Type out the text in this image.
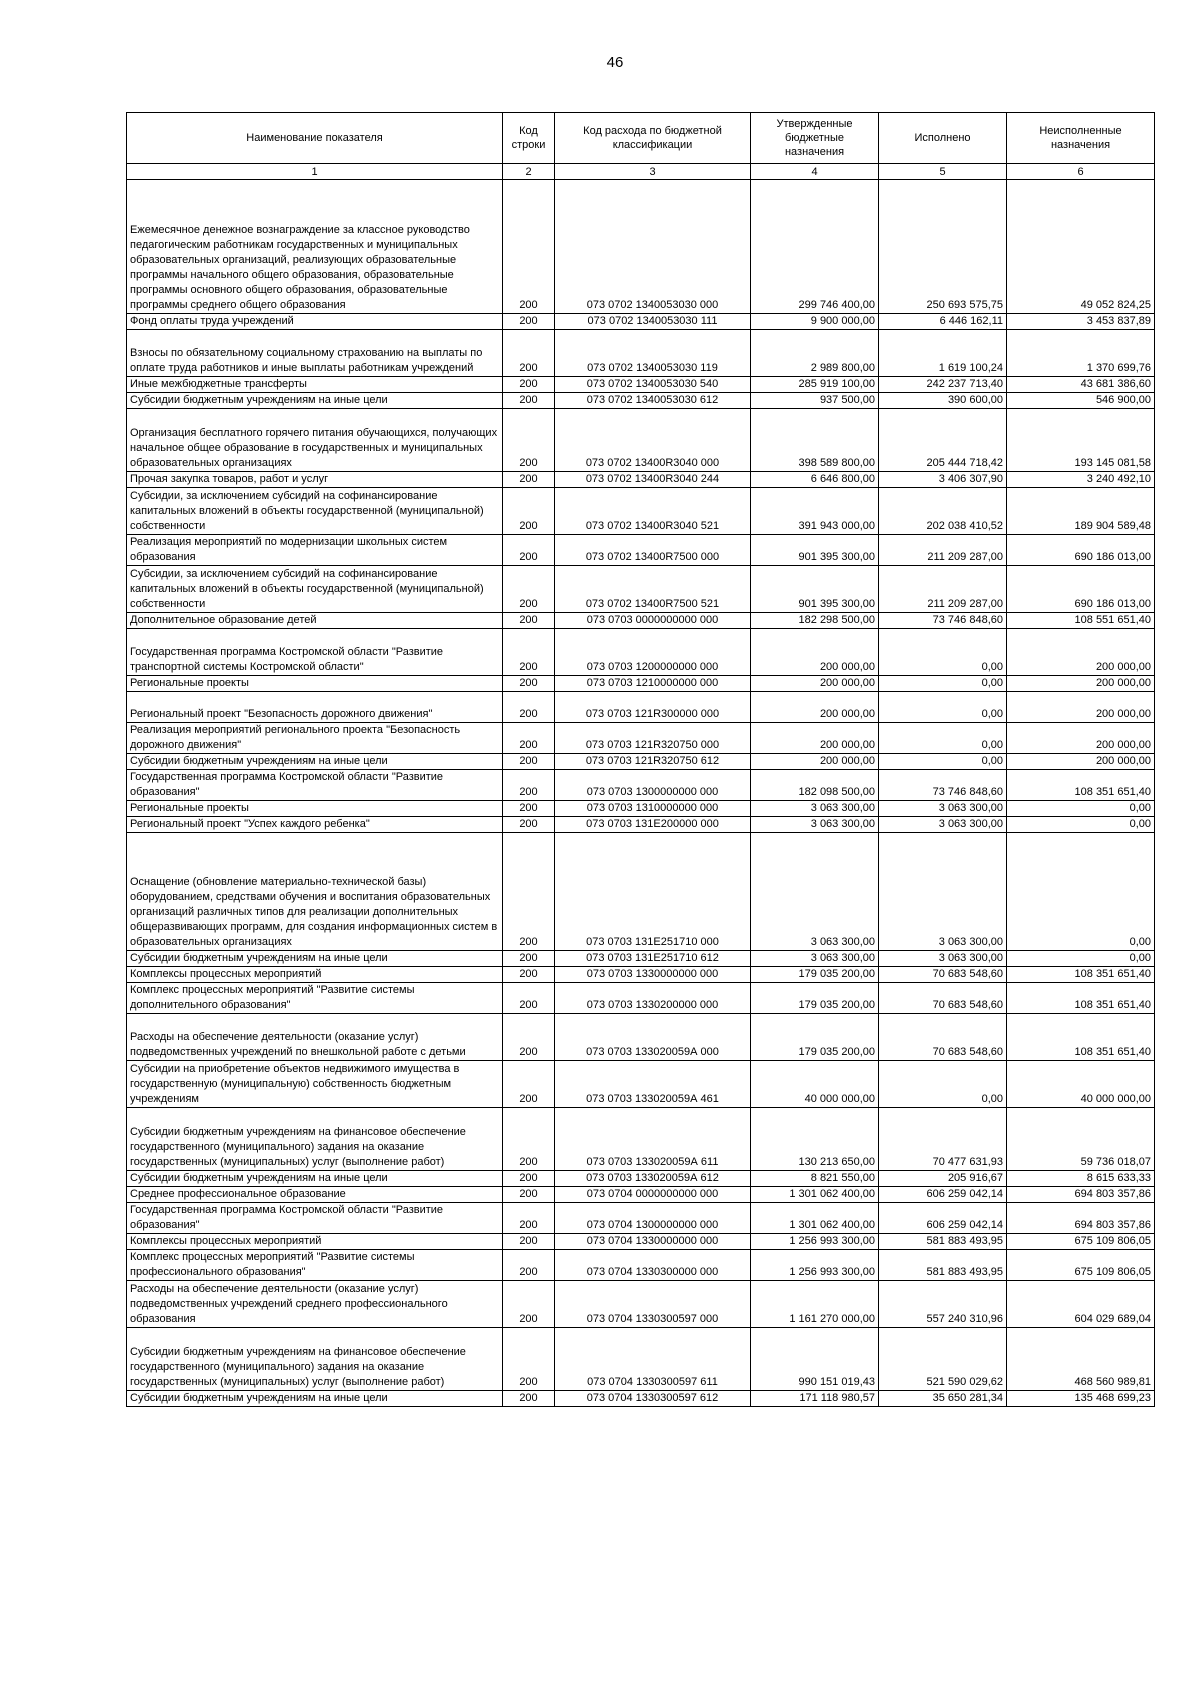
46
Наименование показателя	Код строки	Код расхода по бюджетной классификации	Утвержденные бюджетные назначения	Исполнено	Неисполненные назначения
1	2	3	4	5	6
Ежемесячное денежное вознаграждение за классное руководство педагогическим работникам государственных и муниципальных образовательных организаций, реализующих образовательные программы начального общего образования, образовательные программы основного общего образования, образовательные программы среднего общего образования	200	073 0702 1340053030 000	299 746 400,00	250 693 575,75	49 052 824,25
Фонд оплаты труда учреждений	200	073 0702 1340053030 111	9 900 000,00	6 446 162,11	3 453 837,89
Взносы по обязательному социальному страхованию на выплаты по оплате труда работников и иные выплаты работникам учреждений	200	073 0702 1340053030 119	2 989 800,00	1 619 100,24	1 370 699,76
Иные межбюджетные трансферты	200	073 0702 1340053030 540	285 919 100,00	242 237 713,40	43 681 386,60
Субсидии бюджетным учреждениям на иные цели	200	073 0702 1340053030 612	937 500,00	390 600,00	546 900,00
Организация бесплатного горячего питания обучающихся, получающих начальное общее образование в государственных и муниципальных образовательных организациях	200	073 0702 13400R3040 000	398 589 800,00	205 444 718,42	193 145 081,58
Прочая закупка товаров, работ и услуг	200	073 0702 13400R3040 244	6 646 800,00	3 406 307,90	3 240 492,10
Субсидии, за исключением субсидий на софинансирование капитальных вложений в объекты государственной (муниципальной) собственности	200	073 0702 13400R3040 521	391 943 000,00	202 038 410,52	189 904 589,48
Реализация мероприятий по модернизации школьных систем образования	200	073 0702 13400R7500 000	901 395 300,00	211 209 287,00	690 186 013,00
Субсидии, за исключением субсидий на софинансирование капитальных вложений в объекты государственной (муниципальной) собственности	200	073 0702 13400R7500 521	901 395 300,00	211 209 287,00	690 186 013,00
Дополнительное образование детей	200	073 0703 0000000000 000	182 298 500,00	73 746 848,60	108 551 651,40
Государственная программа Костромской области "Развитие транспортной системы Костромской области"	200	073 0703 1200000000 000	200 000,00	0,00	200 000,00
Региональные проекты	200	073 0703 1210000000 000	200 000,00	0,00	200 000,00
Региональный проект "Безопасность дорожного движения"	200	073 0703 121R300000 000	200 000,00	0,00	200 000,00
Реализация мероприятий регионального проекта "Безопасность дорожного движения"	200	073 0703 121R320750 000	200 000,00	0,00	200 000,00
Субсидии бюджетным учреждениям на иные цели	200	073 0703 121R320750 612	200 000,00	0,00	200 000,00
Государственная программа Костромской области "Развитие образования"	200	073 0703 1300000000 000	182 098 500,00	73 746 848,60	108 351 651,40
Региональные проекты	200	073 0703 1310000000 000	3 063 300,00	3 063 300,00	0,00
Региональный проект "Успех каждого ребенка"	200	073 0703 131E200000 000	3 063 300,00	3 063 300,00	0,00
Оснащение (обновление материально-технической базы) оборудованием, средствами обучения и воспитания образовательных организаций различных типов для реализации дополнительных общеразвивающих программ, для создания информационных систем в образовательных организациях	200	073 0703 131E251710 000	3 063 300,00	3 063 300,00	0,00
Субсидии бюджетным учреждениям на иные цели	200	073 0703 131E251710 612	3 063 300,00	3 063 300,00	0,00
Комплексы процессных мероприятий	200	073 0703 1330000000 000	179 035 200,00	70 683 548,60	108 351 651,40
Комплекс процессных мероприятий "Развитие системы дополнительного образования"	200	073 0703 1330200000 000	179 035 200,00	70 683 548,60	108 351 651,40
Расходы на обеспечение деятельности (оказание услуг) подведомственных учреждений по внешкольной работе с детьми	200	073 0703 133020059А 000	179 035 200,00	70 683 548,60	108 351 651,40
Субсидии на приобретение объектов недвижимого имущества в государственную (муниципальную) собственность бюджетным учреждениям	200	073 0703 133020059А 461	40 000 000,00	0,00	40 000 000,00
Субсидии бюджетным учреждениям на финансовое обеспечение государственного (муниципального) задания на оказание государственных (муниципальных) услуг (выполнение работ)	200	073 0703 133020059А 611	130 213 650,00	70 477 631,93	59 736 018,07
Субсидии бюджетным учреждениям на иные цели	200	073 0703 133020059А 612	8 821 550,00	205 916,67	8 615 633,33
Среднее профессиональное образование	200	073 0704 0000000000 000	1 301 062 400,00	606 259 042,14	694 803 357,86
Государственная программа Костромской области "Развитие образования"	200	073 0704 1300000000 000	1 301 062 400,00	606 259 042,14	694 803 357,86
Комплексы процессных мероприятий	200	073 0704 1330000000 000	1 256 993 300,00	581 883 493,95	675 109 806,05
Комплекс процессных мероприятий "Развитие системы профессионального образования"	200	073 0704 1330300000 000	1 256 993 300,00	581 883 493,95	675 109 806,05
Расходы на обеспечение деятельности (оказание услуг) подведомственных учреждений среднего профессионального образования	200	073 0704 1330300597 000	1 161 270 000,00	557 240 310,96	604 029 689,04
Субсидии бюджетным учреждениям на финансовое обеспечение государственного (муниципального) задания на оказание государственных (муниципальных) услуг (выполнение работ)	200	073 0704 1330300597 611	990 151 019,43	521 590 029,62	468 560 989,81
Субсидии бюджетным учреждениям на иные цели	200	073 0704 1330300597 612	171 118 980,57	35 650 281,34	135 468 699,23
